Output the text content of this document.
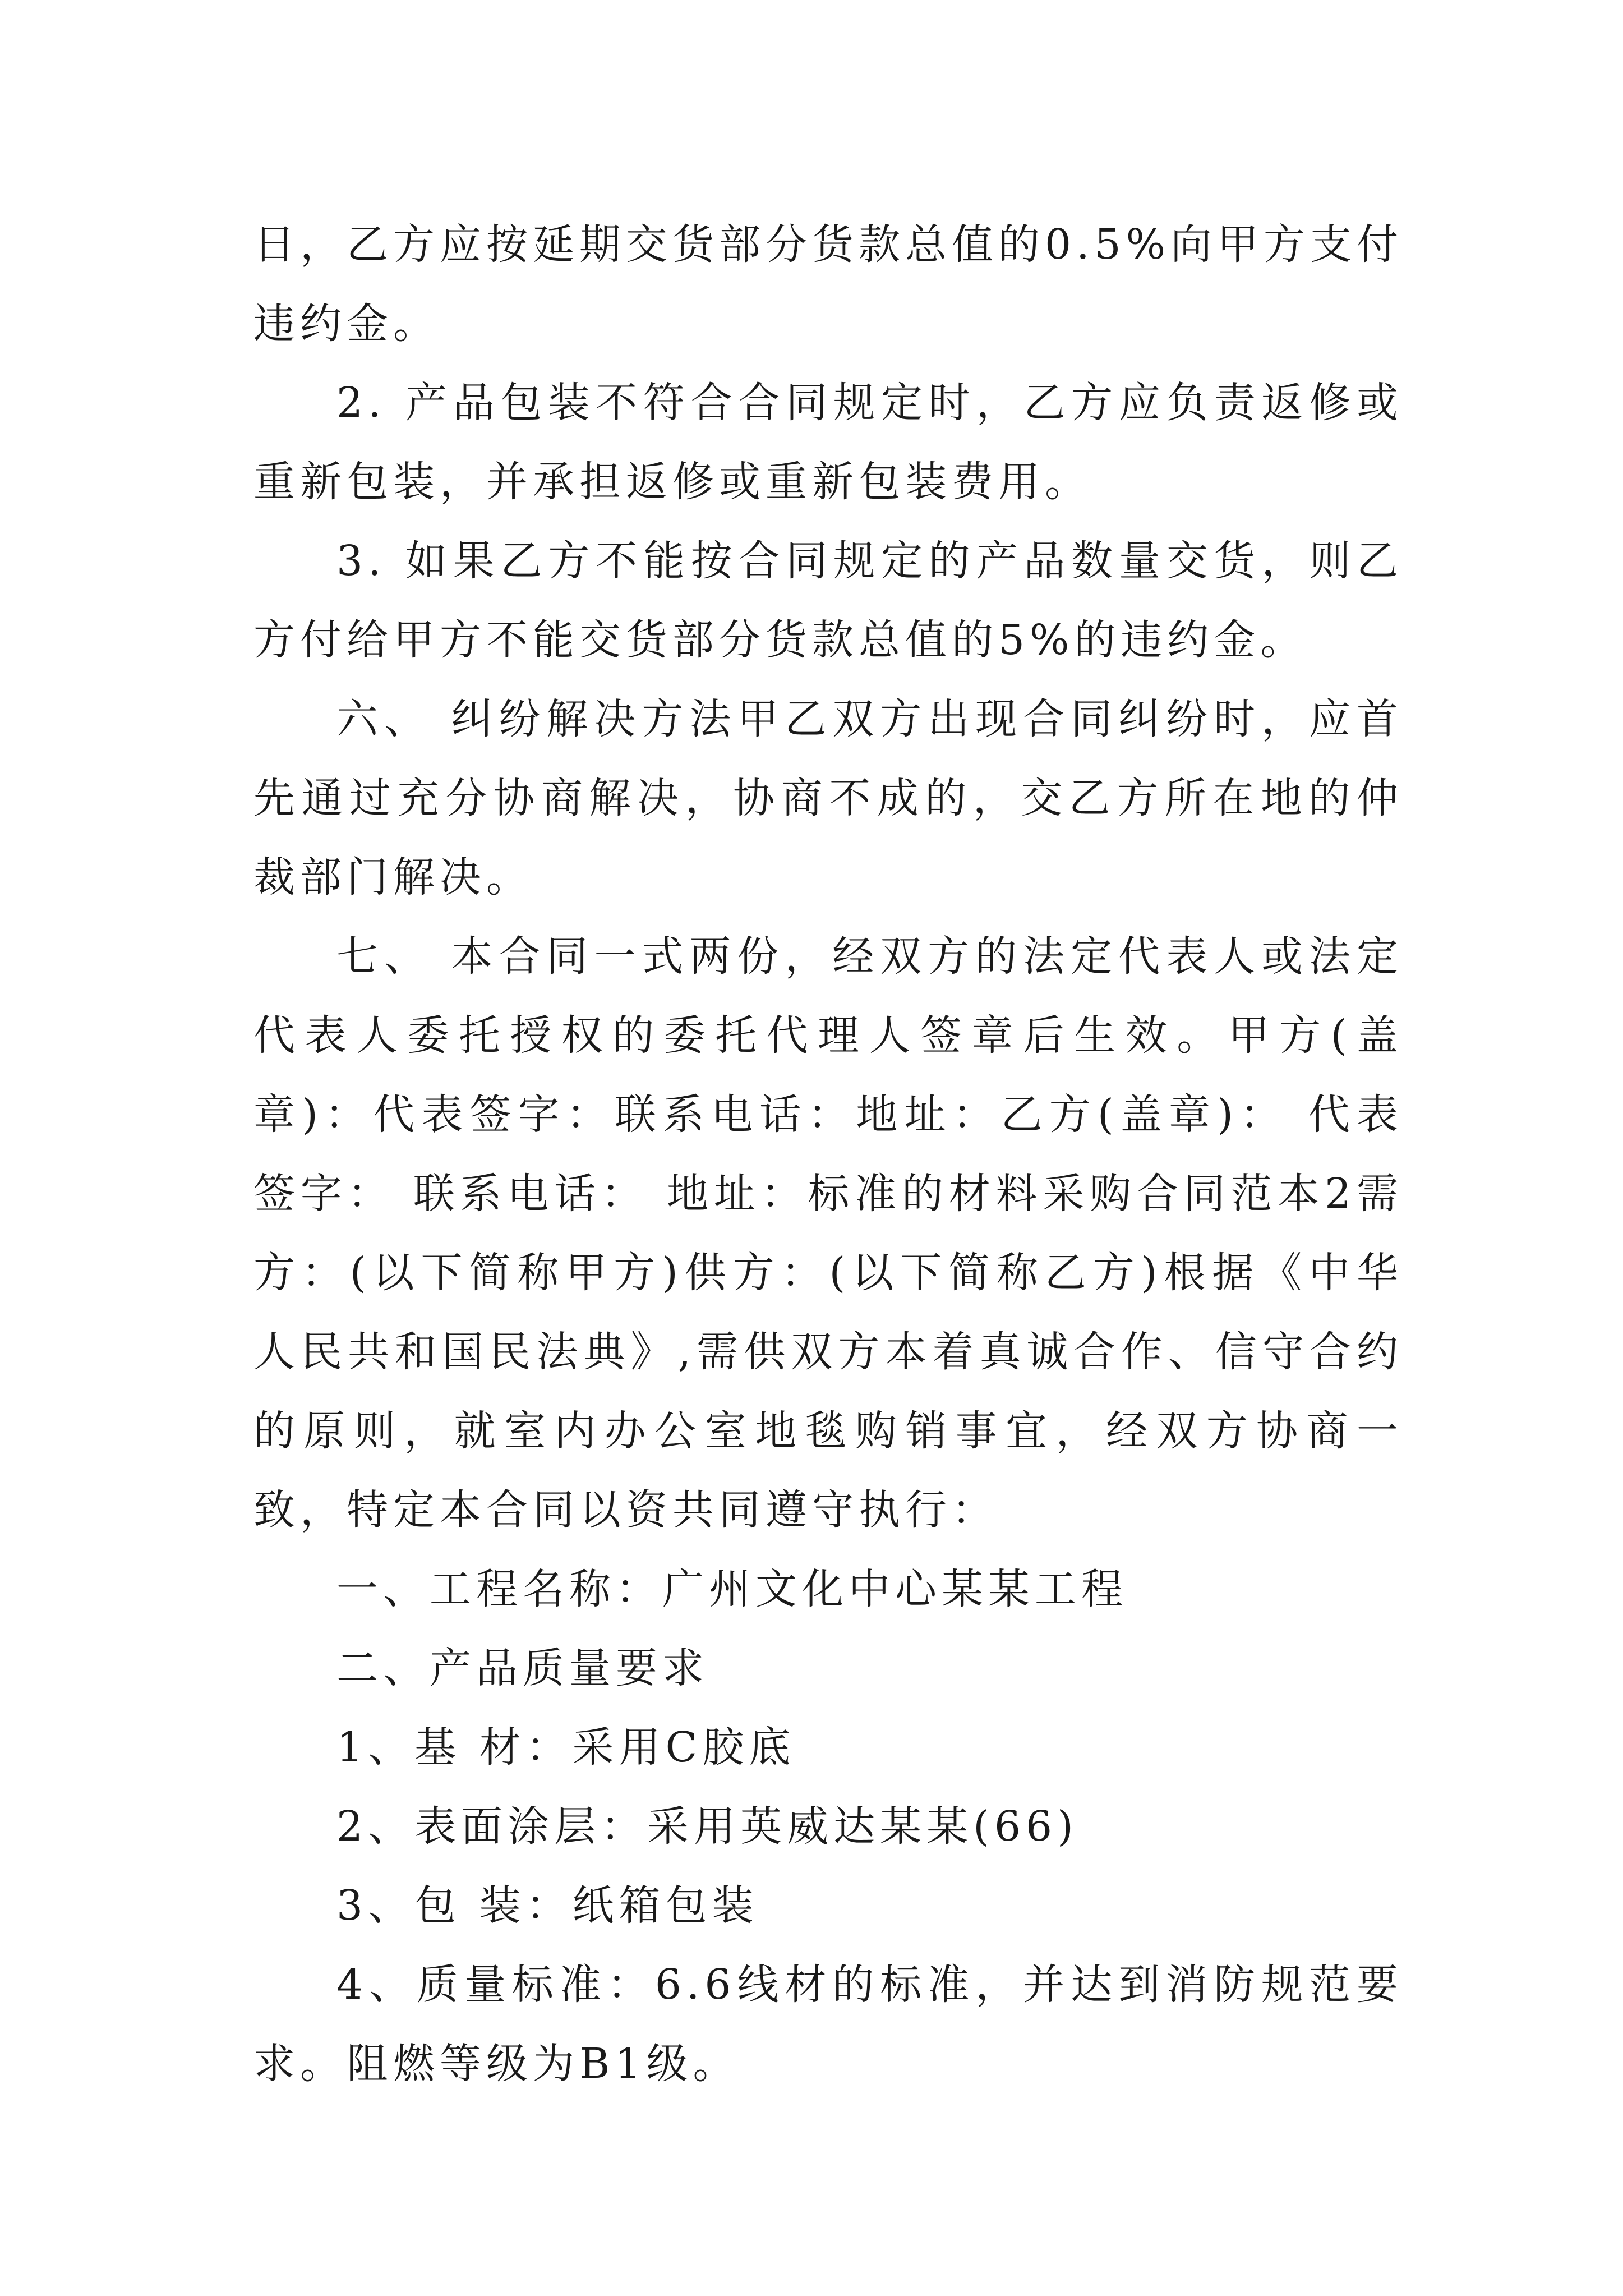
日，乙方应按延期交货部分货款总值的0.5%向甲方支付违约金。

2. 产品包装不符合合同规定时，乙方应负责返修或重新包装，并承担返修或重新包装费用。

3. 如果乙方不能按合同规定的产品数量交货，则乙方付给甲方不能交货部分货款总值的5%的违约金。

六、 纠纷解决方法甲乙双方出现合同纠纷时，应首先通过充分协商解决，协商不成的，交乙方所在地的仲裁部门解决。

七、 本合同一式两份，经双方的法定代表人或法定代表人委托授权的委托代理人签章后生效。甲方(盖章)：代表签字：联系电话：地址：乙方(盖章)： 代表签字： 联系电话： 地址：标准的材料采购合同范本2需方：(以下简称甲方)供方：(以下简称乙方)根据《中华人民共和国民法典》,需供双方本着真诚合作、信守合约的原则，就室内办公室地毯购销事宜，经双方协商一致，特定本合同以资共同遵守执行：

一、工程名称：广州文化中心某某工程

二、产品质量要求

1、基 材：采用C胶底

2、表面涂层：采用英威达某某(66)

3、包 装：纸箱包装

4、质量标准：6.6线材的标准，并达到消防规范要求。阻燃等级为B1级。
